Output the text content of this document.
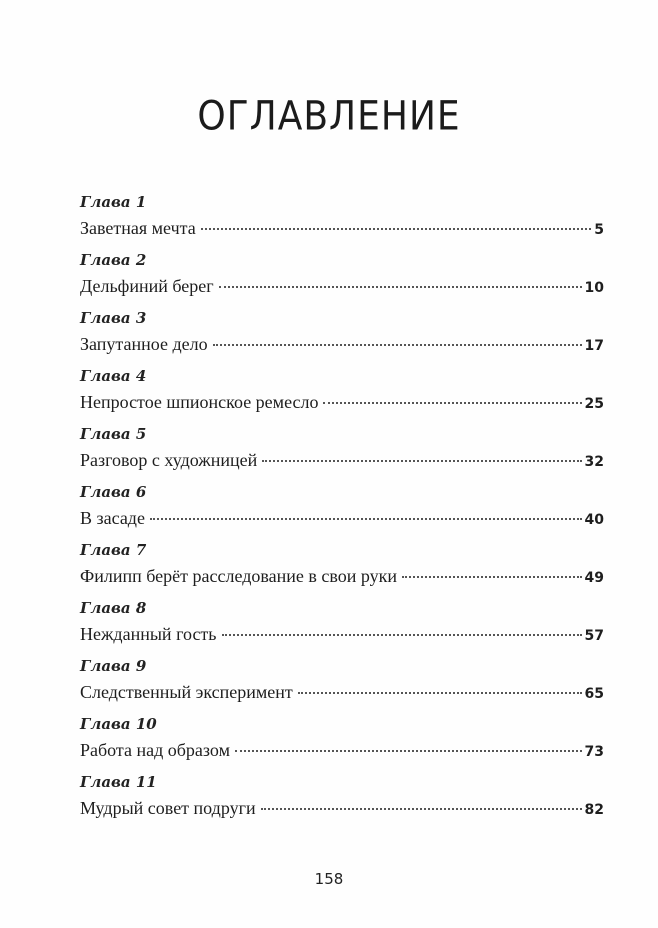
ОГЛАВЛЕНИЕ
Глава 1
Заветная мечта	5
Глава 2
Дельфиний берег	10
Глава 3
Запутанное дело	17
Глава 4
Непростое шпионское ремесло	25
Глава 5
Разговор с художницей	32
Глава 6
В засаде	40
Глава 7
Филипп берёт расследование в свои руки	49
Глава 8
Нежданный гость	57
Глава 9
Следственный эксперимент	65
Глава 10
Работа над образом	73
Глава 11
Мудрый совет подруги	82
158
